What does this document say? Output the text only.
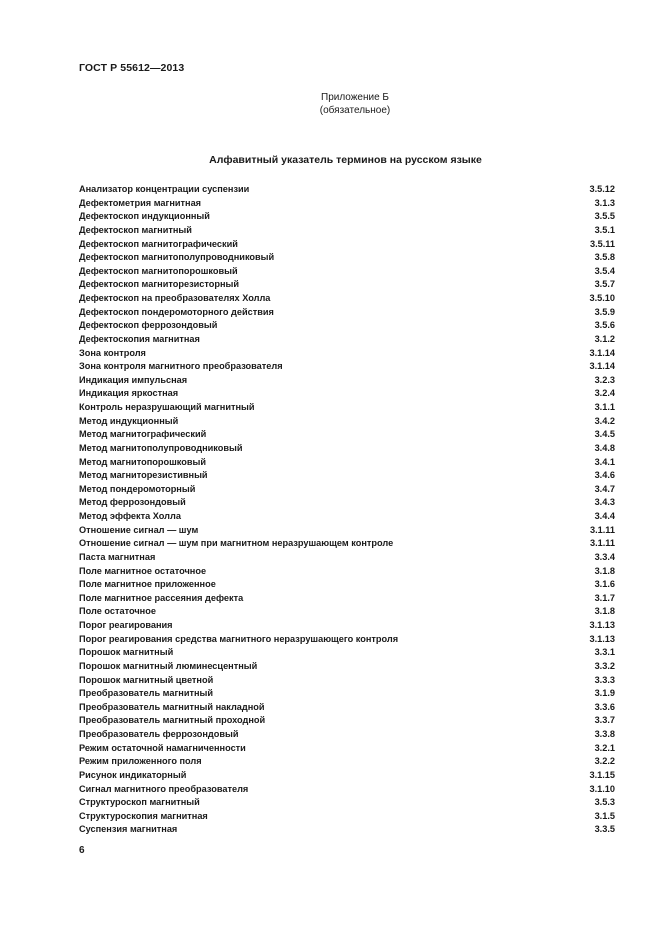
ГОСТ Р 55612—2013
Приложение Б
(обязательное)
Алфавитный указатель терминов на русском языке
Анализатор концентрации суспензии	3.5.12
Дефектометрия магнитная	3.1.3
Дефектоскоп индукционный	3.5.5
Дефектоскоп магнитный	3.5.1
Дефектоскоп магнитографический	3.5.11
Дефектоскоп магнитополупроводниковый	3.5.8
Дефектоскоп магнитопорошковый	3.5.4
Дефектоскоп магниторезисторный	3.5.7
Дефектоскоп на преобразователях Холла	3.5.10
Дефектоскоп пондеромоторного действия	3.5.9
Дефектоскоп феррозондовый	3.5.6
Дефектоскопия магнитная	3.1.2
Зона контроля	3.1.14
Зона контроля магнитного преобразователя	3.1.14
Индикация импульсная	3.2.3
Индикация яркостная	3.2.4
Контроль неразрушающий магнитный	3.1.1
Метод индукционный	3.4.2
Метод магнитографический	3.4.5
Метод магнитополупроводниковый	3.4.8
Метод магнитопорошковый	3.4.1
Метод магниторезистивный	3.4.6
Метод пондеромоторный	3.4.7
Метод феррозондовый	3.4.3
Метод эффекта Холла	3.4.4
Отношение сигнал — шум	3.1.11
Отношение сигнал — шум при магнитном неразрушающем контроле	3.1.11
Паста магнитная	3.3.4
Поле магнитное остаточное	3.1.8
Поле магнитное приложенное	3.1.6
Поле магнитное рассеяния дефекта	3.1.7
Поле остаточное	3.1.8
Порог реагирования	3.1.13
Порог реагирования средства магнитного неразрушающего контроля	3.1.13
Порошок магнитный	3.3.1
Порошок магнитный люминесцентный	3.3.2
Порошок магнитный цветной	3.3.3
Преобразователь магнитный	3.1.9
Преобразователь магнитный накладной	3.3.6
Преобразователь магнитный проходной	3.3.7
Преобразователь феррозондовый	3.3.8
Режим остаточной намагниченности	3.2.1
Режим приложенного поля	3.2.2
Рисунок индикаторный	3.1.15
Сигнал магнитного преобразователя	3.1.10
Структуроскоп магнитный	3.5.3
Структуроскопия магнитная	3.1.5
Суспензия магнитная	3.3.5
6
